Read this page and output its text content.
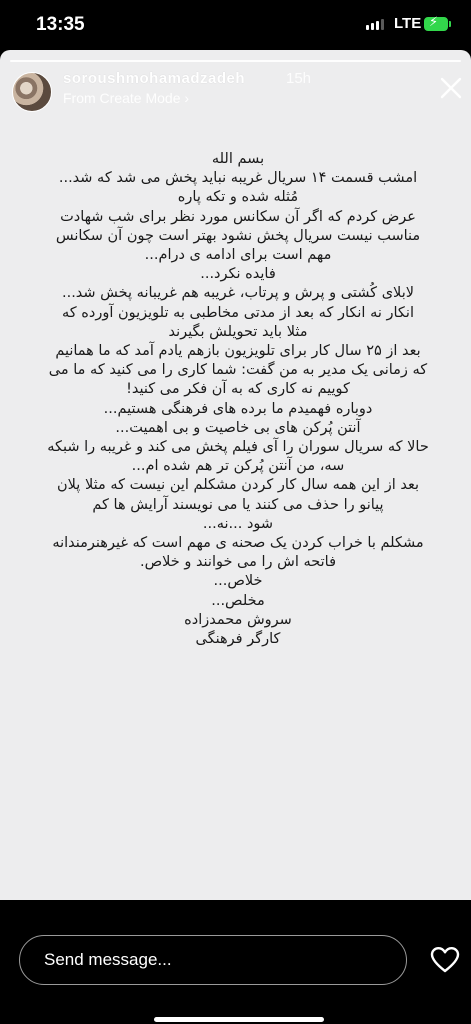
13:35	LTE ⚡
soroushmohamadzadeh	15h
From Create Mode ›
بسم الله
امشب قسمت ۱۴ سریال غریبه نباید پخش می شد که شد...
مُثله شده و تکه پاره
عرض کردم که اگر آن سکانس مورد نظر برای شب شهادت
مناسب نیست سریال پخش نشود بهتر است چون آن سکانس
مهم است برای ادامه ی درام...
فایده نکرد...
لابلای کُشتی و پرش و پرتاب، غریبه هم غریبانه پخش شد...
انکار نه انکار که بعد از مدتی مخاطبی به تلویزیون آورده که
مثلا باید تحویلش بگیرند
بعد از ۲۵ سال کار برای تلویزیون بازهم یادم آمد که ما همانیم
که زمانی یک مدیر به من گفت: شما کاری را می کنید که ما می
کوییم نه کاری که به آن فکر می کنید!
دوباره فهمیدم ما برده های فرهنگی هستیم...
آنتن پُرکن های بی خاصیت و بی اهمیت...
حالا که سریال سوران را آی فیلم پخش می کند و غریبه را شبکه
سه، من آنتن پُرکن تر هم شده ام...
بعد از این همه سال کار کردن مشکلم این نیست که مثلا پلان
پیانو را حذف می کنند یا می نویسند آرایش ها کم
شود ...نه...
مشکلم با خراب کردن یک صحنه ی مهم است که غیرهنرمندانه
فاتحه اش را می خوانند و خلاص.
خلاص...
مخلص...
سروش محمدزاده
کارگر فرهنگی
Send message...
